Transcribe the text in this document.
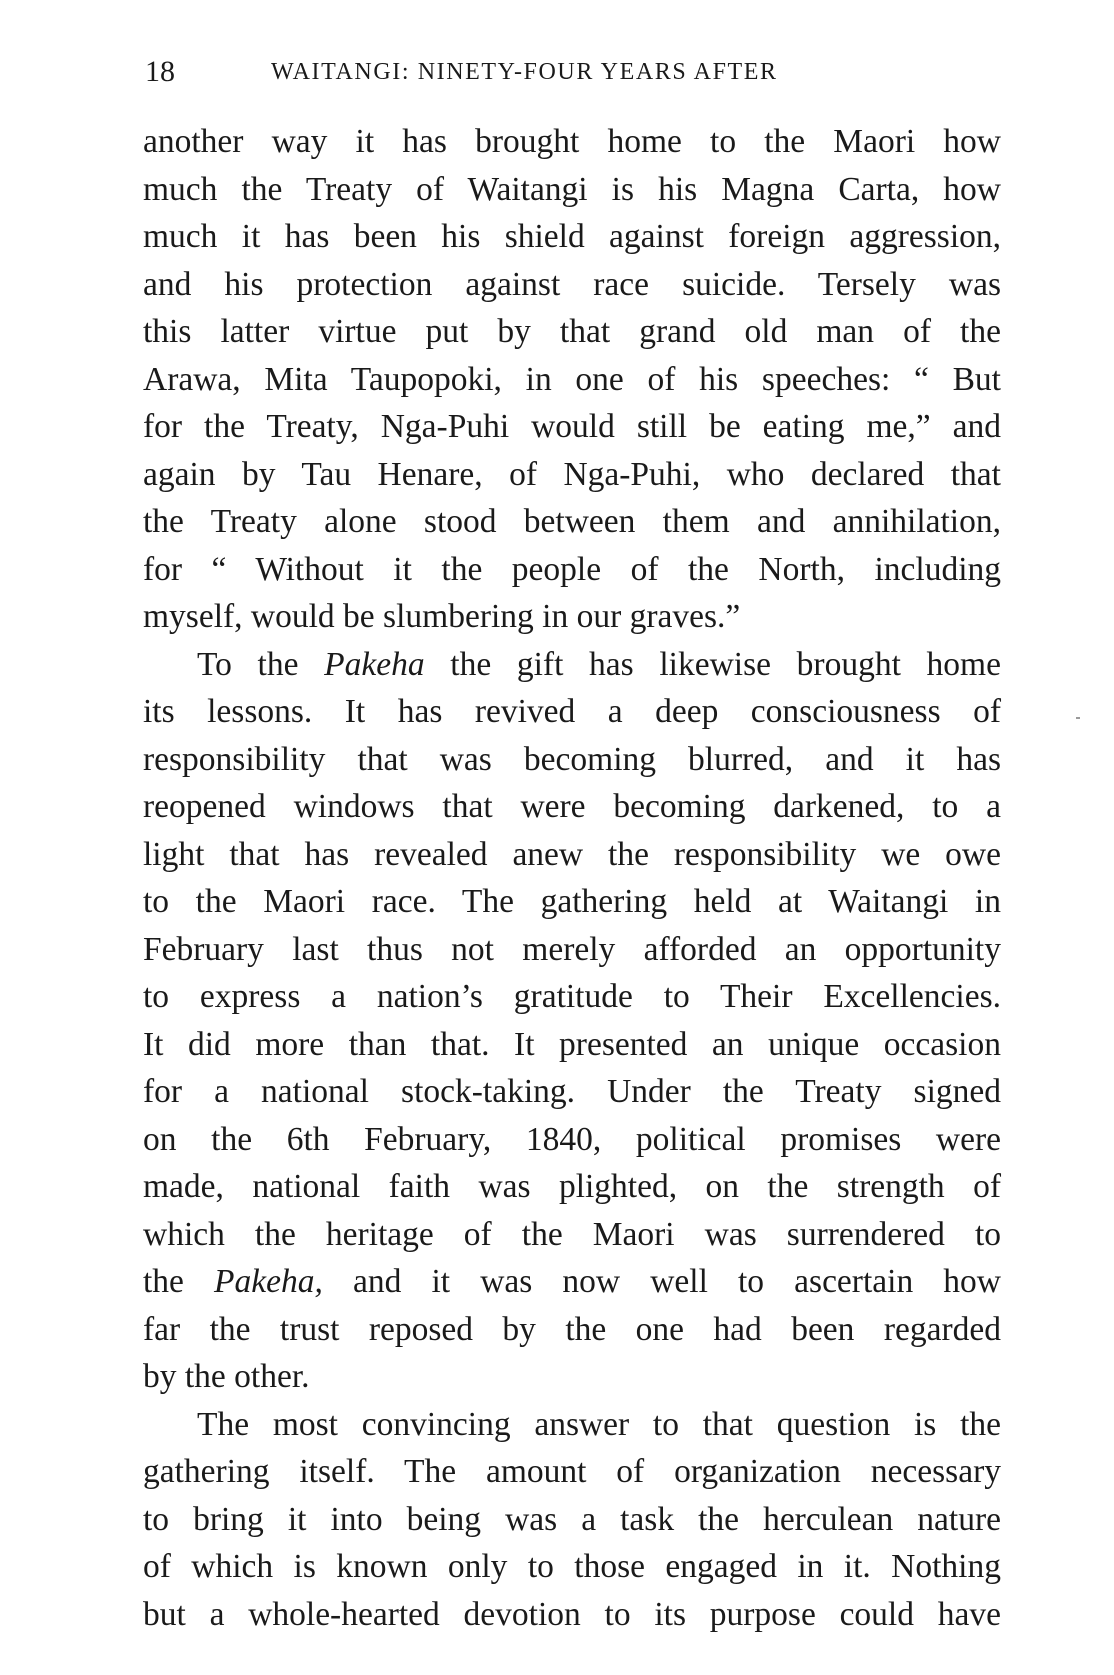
18	WAITANGI: NINETY-FOUR YEARS AFTER
another way it has brought home to the Maori how
much the Treaty of Waitangi is his Magna Carta, how
much it has been his shield against foreign aggression,
and his protection against race suicide. Tersely was
this latter virtue put by that grand old man of the
Arawa, Mita Taupopoki, in one of his speeches: “ But
for the Treaty, Nga-Puhi would still be eating me,” and
again by Tau Henare, of Nga-Puhi, who declared that
the Treaty alone stood between them and annihilation,
for “ Without it the people of the North, including
myself, would be slumbering in our graves.”
To the Pakeha the gift has likewise brought home
its lessons. It has revived a deep consciousness of
responsibility that was becoming blurred, and it has
reopened windows that were becoming darkened, to a
light that has revealed anew the responsibility we owe
to the Maori race. The gathering held at Waitangi in
February last thus not merely afforded an opportunity
to express a nation’s gratitude to Their Excellencies.
It did more than that. It presented an unique occasion
for a national stock-taking. Under the Treaty signed
on the 6th February, 1840, political promises were
made, national faith was plighted, on the strength of
which the heritage of the Maori was surrendered to
the Pakeha, and it was now well to ascertain how
far the trust reposed by the one had been regarded
by the other.
The most convincing answer to that question is the
gathering itself. The amount of organization necessary
to bring it into being was a task the herculean nature
of which is known only to those engaged in it. Nothing
but a whole-hearted devotion to its purpose could have
